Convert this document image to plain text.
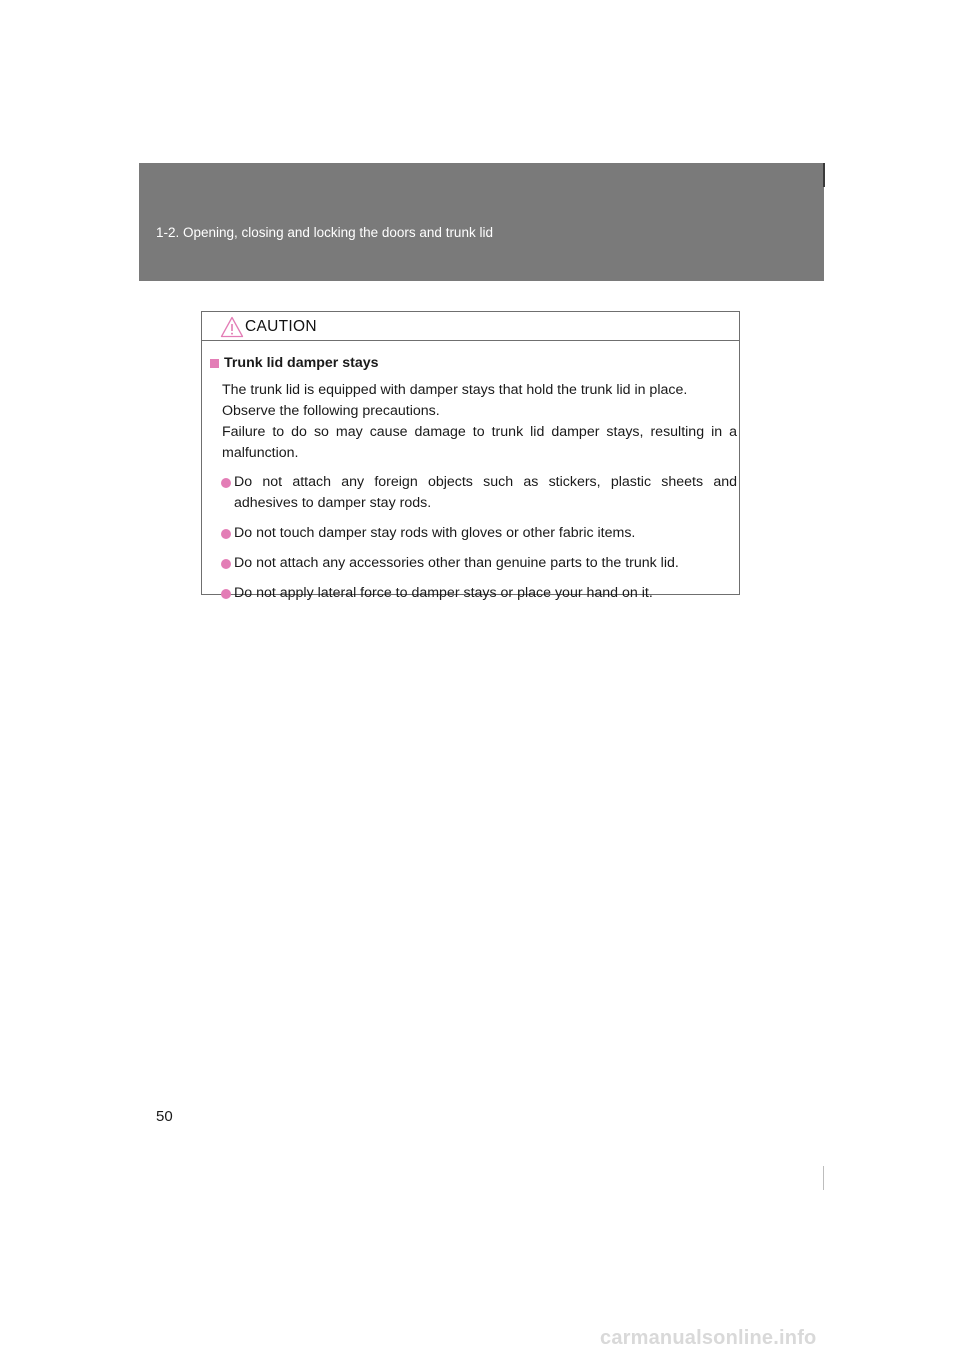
1-2. Opening, closing and locking the doors and trunk lid
CAUTION
Trunk lid damper stays
The trunk lid is equipped with damper stays that hold the trunk lid in place.
Observe the following precautions.
Failure to do so may cause damage to trunk lid damper stays, resulting in a
malfunction.
Do not attach any foreign objects such as stickers, plastic sheets and
adhesives to damper stay rods.
Do not touch damper stay rods with gloves or other fabric items.
Do not attach any accessories other than genuine parts to the trunk lid.
Do not apply lateral force to damper stays or place your hand on it.
50
carmanualsonline.info
